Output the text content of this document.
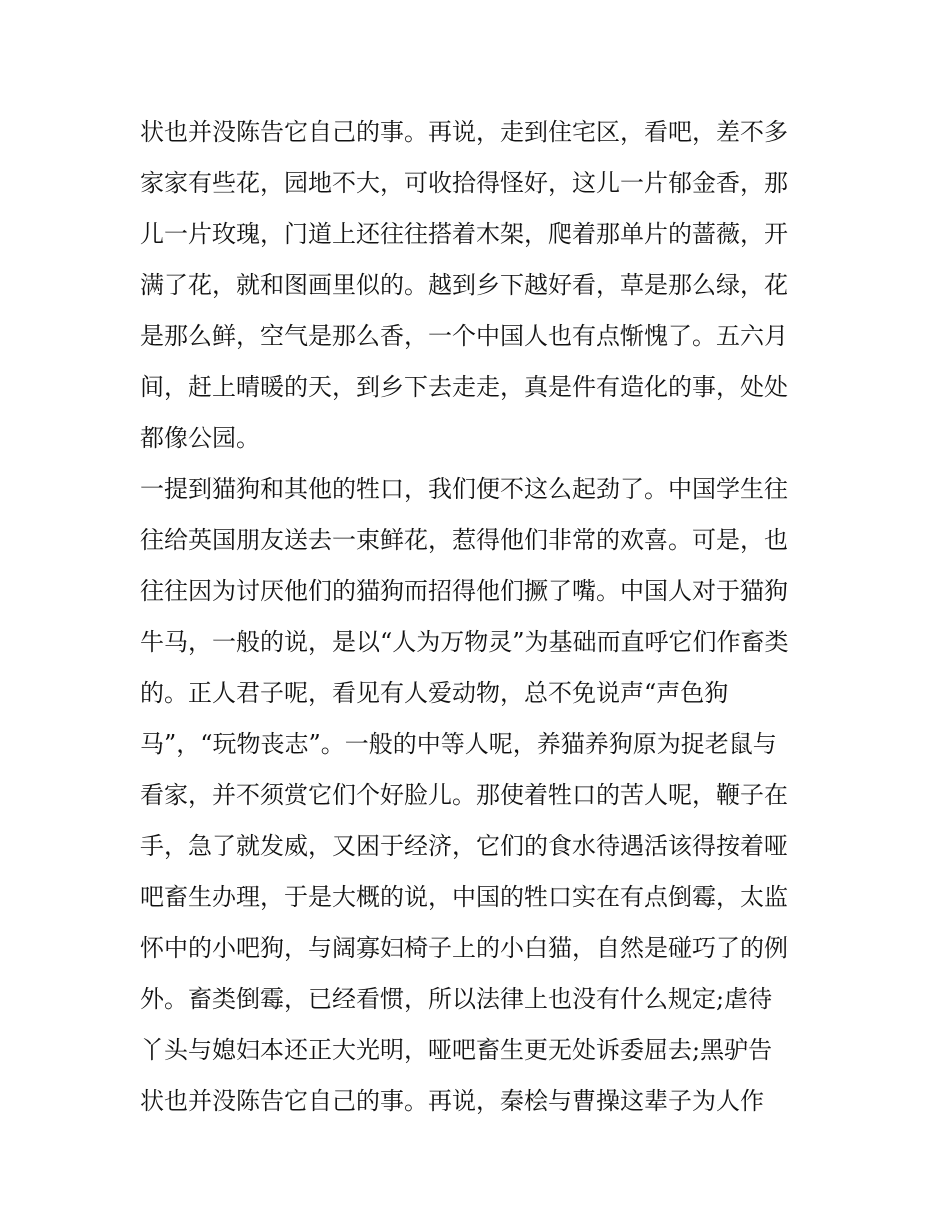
状也并没陈告它自己的事。再说，走到住宅区，看吧，差不多
家家有些花，园地不大，可收拾得怪好，这儿一片郁金香，那
儿一片玫瑰，门道上还往往搭着木架，爬着那单片的蔷薇，开
满了花，就和图画里似的。越到乡下越好看，草是那么绿，花
是那么鲜，空气是那么香，一个中国人也有点惭愧了。五六月
间，赶上晴暖的天，到乡下去走走，真是件有造化的事，处处
都像公园。
一提到猫狗和其他的牲口，我们便不这么起劲了。中国学生往
往给英国朋友送去一束鲜花，惹得他们非常的欢喜。可是，也
往往因为讨厌他们的猫狗而招得他们撅了嘴。中国人对于猫狗
牛马，一般的说，是以“人为万物灵”为基础而直呼它们作畜类
的。正人君子呢，看见有人爱动物，总不免说声“声色狗
马”，“玩物丧志”。一般的中等人呢，养猫养狗原为捉老鼠与
看家，并不须赏它们个好脸儿。那使着牲口的苦人呢，鞭子在
手，急了就发威，又困于经济，它们的食水待遇活该得按着哑
吧畜生办理，于是大概的说，中国的牲口实在有点倒霉，太监
怀中的小吧狗，与阔寡妇椅子上的小白猫，自然是碰巧了的例
外。畜类倒霉，已经看惯，所以法律上也没有什么规定;虐待
丫头与媳妇本还正大光明，哑吧畜生更无处诉委屈去;黑驴告
状也并没陈告它自己的事。再说，秦桧与曹操这辈子为人作
